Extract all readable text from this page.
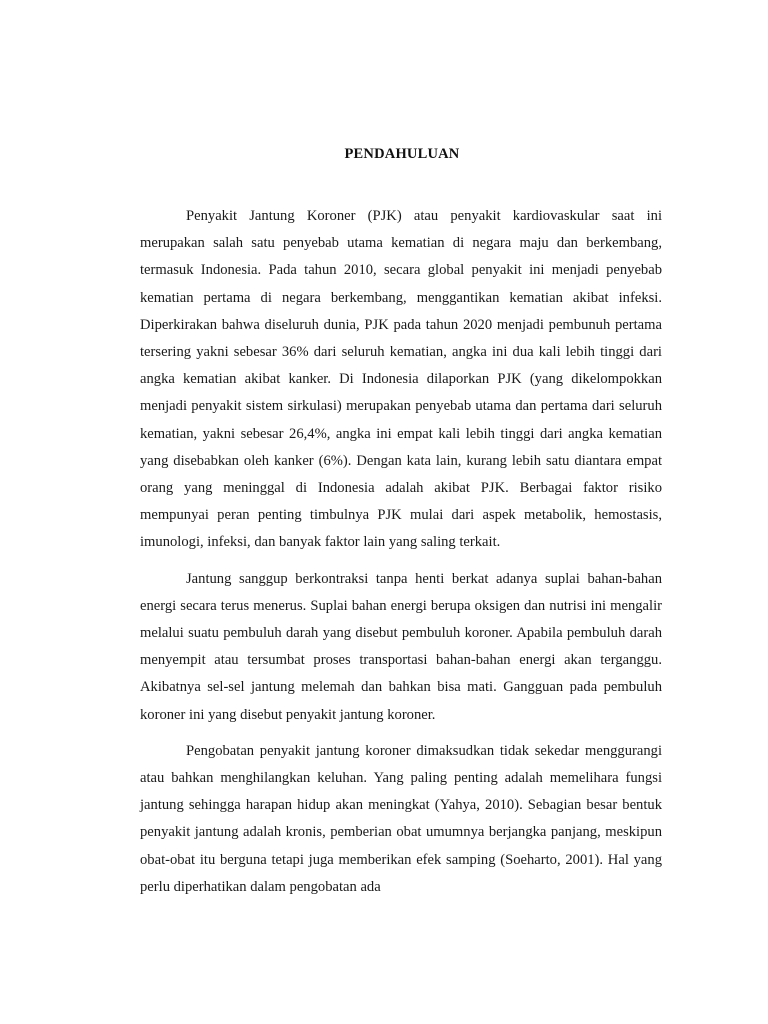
PENDAHULUAN

Penyakit Jantung Koroner (PJK) atau penyakit kardiovaskular saat ini merupakan salah satu penyebab utama kematian di negara maju dan berkembang, termasuk Indonesia. Pada tahun 2010, secara global penyakit ini menjadi penyebab kematian pertama di negara berkembang, menggantikan kematian akibat infeksi. Diperkirakan bahwa diseluruh dunia, PJK pada tahun 2020 menjadi pembunuh pertama tersering yakni sebesar 36% dari seluruh kematian, angka ini dua kali lebih tinggi dari angka kematian akibat kanker. Di Indonesia dilaporkan PJK (yang dikelompokkan menjadi penyakit sistem sirkulasi) merupakan penyebab utama dan pertama dari seluruh kematian, yakni sebesar 26,4%, angka ini empat kali lebih tinggi dari angka kematian yang disebabkan oleh kanker (6%). Dengan kata lain, kurang lebih satu diantara empat orang yang meninggal di Indonesia adalah akibat PJK. Berbagai faktor risiko mempunyai peran penting timbulnya PJK mulai dari aspek metabolik, hemostasis, imunologi, infeksi, dan banyak faktor lain yang saling terkait.

Jantung sanggup berkontraksi tanpa henti berkat adanya suplai bahan-bahan energi secara terus menerus. Suplai bahan energi berupa oksigen dan nutrisi ini mengalir melalui suatu pembuluh darah yang disebut pembuluh koroner. Apabila pembuluh darah menyempit atau tersumbat proses transportasi bahan-bahan energi akan terganggu. Akibatnya sel-sel jantung melemah dan bahkan bisa mati. Gangguan pada pembuluh koroner ini yang disebut penyakit jantung koroner.

Pengobatan penyakit jantung koroner dimaksudkan tidak sekedar menggurangi atau bahkan menghilangkan keluhan. Yang paling penting adalah memelihara fungsi jantung sehingga harapan hidup akan meningkat (Yahya, 2010). Sebagian besar bentuk penyakit jantung adalah kronis, pemberian obat umumnya berjangka panjang, meskipun obat-obat itu berguna tetapi juga memberikan efek samping (Soeharto, 2001). Hal yang perlu diperhatikan dalam pengobatan ada
